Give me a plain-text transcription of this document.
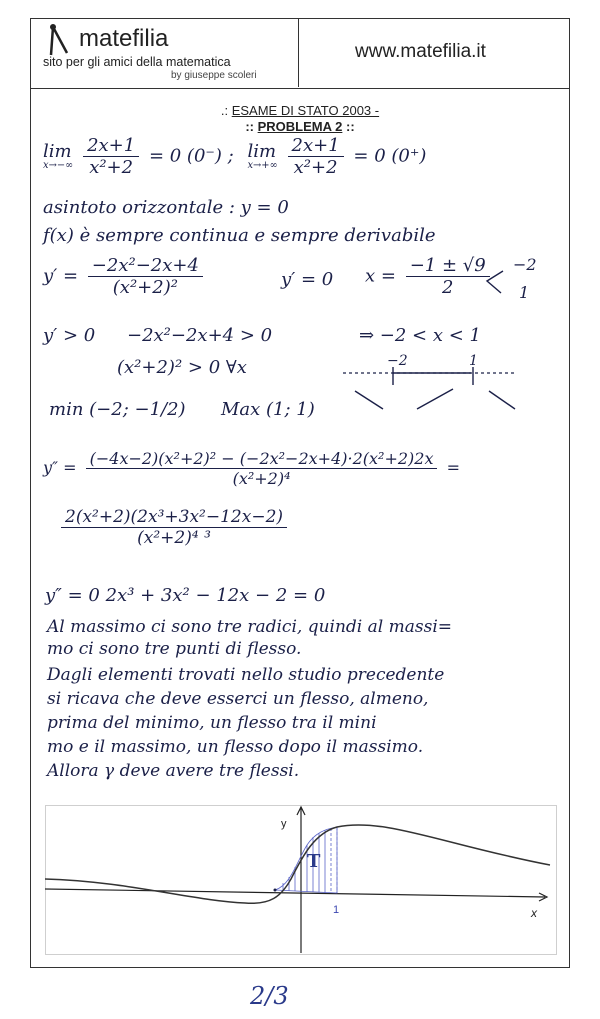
matefilia
sito per gli amici della matematica
by giuseppe scoleri
www.matefilia.it
.: ESAME DI STATO 2003 -
:: PROBLEMA 2 ::
lim
x→−∞
$\frac{2x+1}{\text{x²+2}} = 0$ (0⁻) ; lim
x→+∞
$\frac{2x+1}{\text{x²+2}} = 0$ (0⁺)
asintoto orizzontale : y = 0
f(x) è sempre continua e sempre derivabile
$y' = \frac{\text{−2x²−2x+4}}{\text{(x²+2)²}}$	y′ = 0 $x = \frac{-1 \pm √9}{2} -2$
1
y′ > 0 −2x²−2x+4 > 0	⇒ −2 < x < 1
(x²+2)² > 0 ∀x	−2	1
min (−2; −1/2) Max (1; 1)
$y'' = \frac{\text{(−4x−2)(x²+2)² − (−2x²−2x+4)·2(x²+2)2x}}{\text{(x²+2)⁴}}$ =
$\frac{\text{2(x²+2)(2x³+3x²−12x−2)}}{\text{(x²+2)⁴ ³}}$
y″ = 0 2x³ + 3x² − 12x − 2 = 0
Al massimo ci sono tre radici, quindi al massi=
mo ci sono tre punti di flesso.
Dagli elementi trovati nello studio precedente
si ricava che deve esserci un flesso, almeno,
prima del minimo, un flesso tra il mini
mo e il massimo, un flesso dopo il massimo.
Allora γ deve avere tre flessi.
y
x
1
T
2/3
